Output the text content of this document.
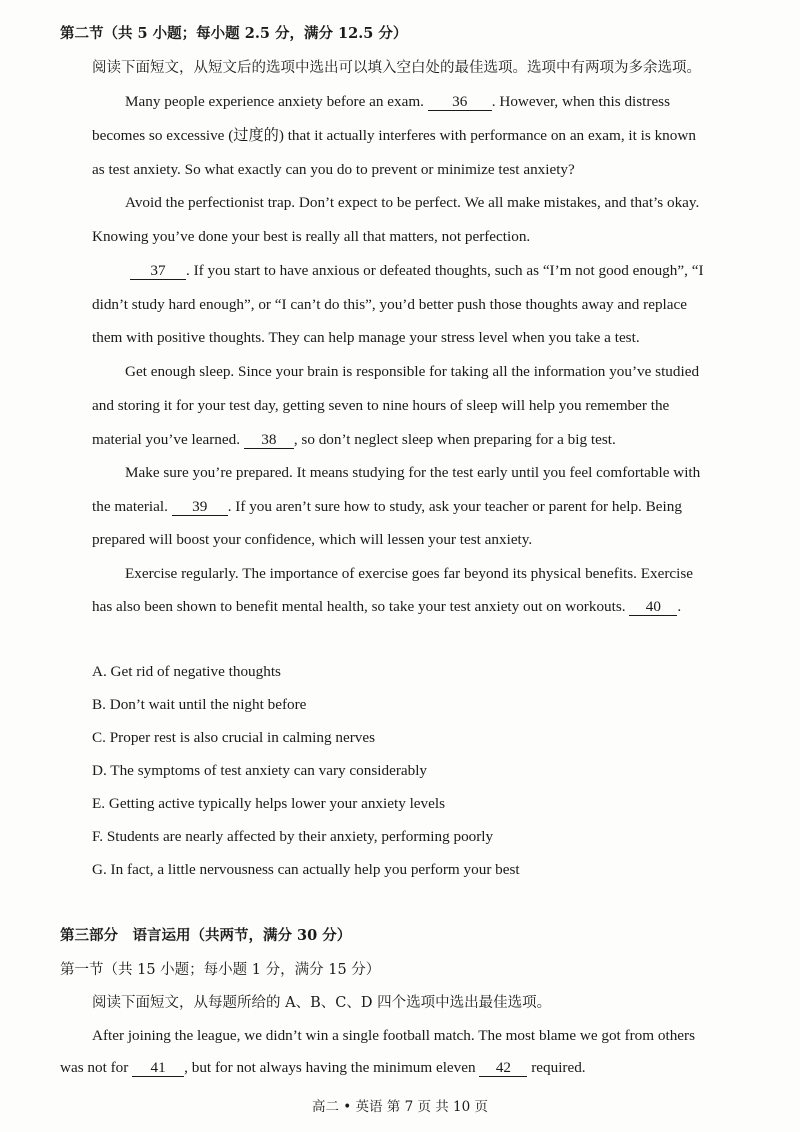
第二节（共 5 小题；每小题 2.5 分，满分 12.5 分）
阅读下面短文，从短文后的选项中选出可以填入空白处的最佳选项。选项中有两项为多余选项。
Many people experience anxiety before an exam. 36 . However, when this distress
becomes so excessive (过度的) that it actually interferes with performance on an exam, it is known
as test anxiety. So what exactly can you do to prevent or minimize test anxiety?
Avoid the perfectionist trap. Don’t expect to be perfect. We all make mistakes, and that’s okay.
Knowing you’ve done your best is really all that matters, not perfection.
37 . If you start to have anxious or defeated thoughts, such as “I’m not good enough”, “I
didn’t study hard enough”, or “I can’t do this”, you’d better push those thoughts away and replace
them with positive thoughts. They can help manage your stress level when you take a test.
Get enough sleep. Since your brain is responsible for taking all the information you’ve studied
and storing it for your test day, getting seven to nine hours of sleep will help you remember the
material you’ve learned. 38 , so don’t neglect sleep when preparing for a big test.
Make sure you’re prepared. It means studying for the test early until you feel comfortable with
the material. 39 . If you aren’t sure how to study, ask your teacher or parent for help. Being
prepared will boost your confidence, which will lessen your test anxiety.
Exercise regularly. The importance of exercise goes far beyond its physical benefits. Exercise
has also been shown to benefit mental health, so take your test anxiety out on workouts. 40 .
A. Get rid of negative thoughts
B. Don’t wait until the night before
C. Proper rest is also crucial in calming nerves
D. The symptoms of test anxiety can vary considerably
E. Getting active typically helps lower your anxiety levels
F. Students are nearly affected by their anxiety, performing poorly
G. In fact, a little nervousness can actually help you perform your best
第三部分　语言运用（共两节，满分 30 分）
第一节（共 15 小题；每小题 1 分，满分 15 分）
阅读下面短文，从每题所给的 A、B、C、D 四个选项中选出最佳选项。
After joining the league, we didn’t win a single football match. The most blame we got from others
was not for 41 , but for not always having the minimum eleven 42 required.
高二 • 英语 第 7 页 共 10 页
